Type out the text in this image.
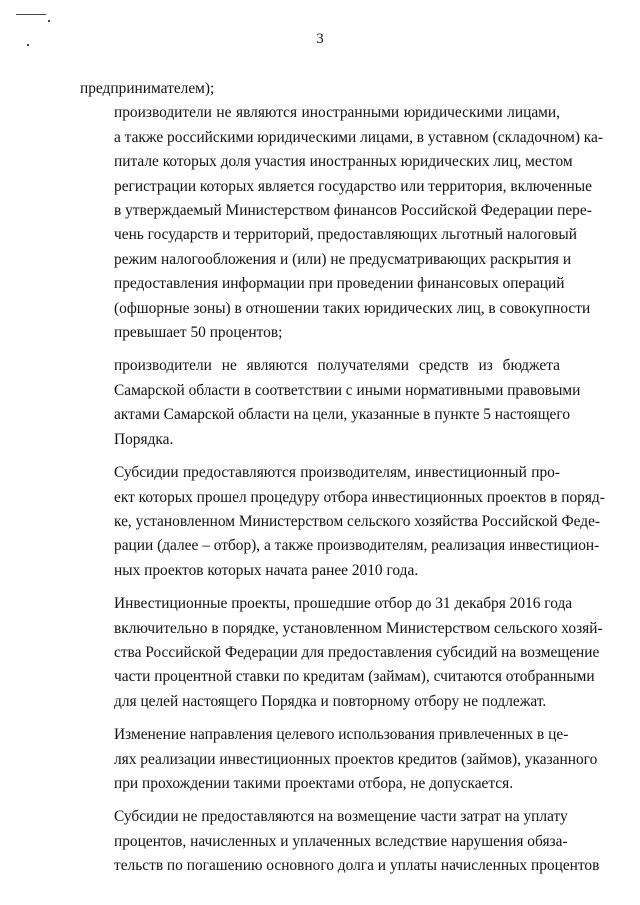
3

предпринимателем);

производители не являются иностранными юридическими лицами,
а также российскими юридическими лицами, в уставном (складочном) ка-
питале которых доля участия иностранных юридических лиц, местом
регистрации которых является государство или территория, включенные
в утверждаемый Министерством финансов Российской Федерации пере-
чень государств и территорий, предоставляющих льготный налоговый
режим налогообложения и (или) не предусматривающих раскрытия и
предоставления информации при проведении финансовых операций
(офшорные зоны) в отношении таких юридических лиц, в совокупности
превышает 50 процентов;

производители не являются получателями средств из бюджета
Самарской области в соответствии с иными нормативными правовыми
актами Самарской области на цели, указанные в пункте 5 настоящего
Порядка.

Субсидии предоставляются производителям, инвестиционный про-
ект которых прошел процедуру отбора инвестиционных проектов в поряд-
ке, установленном Министерством сельского хозяйства Российской Феде-
рации (далее – отбор), а также производителям, реализация инвестицион-
ных проектов которых начата ранее 2010 года.

Инвестиционные проекты, прошедшие отбор до 31 декабря 2016 года
включительно в порядке, установленном Министерством сельского хозяй-
ства Российской Федерации для предоставления субсидий на возмещение
части процентной ставки по кредитам (займам), считаются отобранными
для целей настоящего Порядка и повторному отбору не подлежат.

Изменение направления целевого использования привлеченных в це-
лях реализации инвестиционных проектов кредитов (займов), указанного
при прохождении такими проектами отбора, не допускается.

Субсидии не предоставляются на возмещение части затрат на уплату
процентов, начисленных и уплаченных вследствие нарушения обяза-
тельств по погашению основного долга и уплаты начисленных процентов
